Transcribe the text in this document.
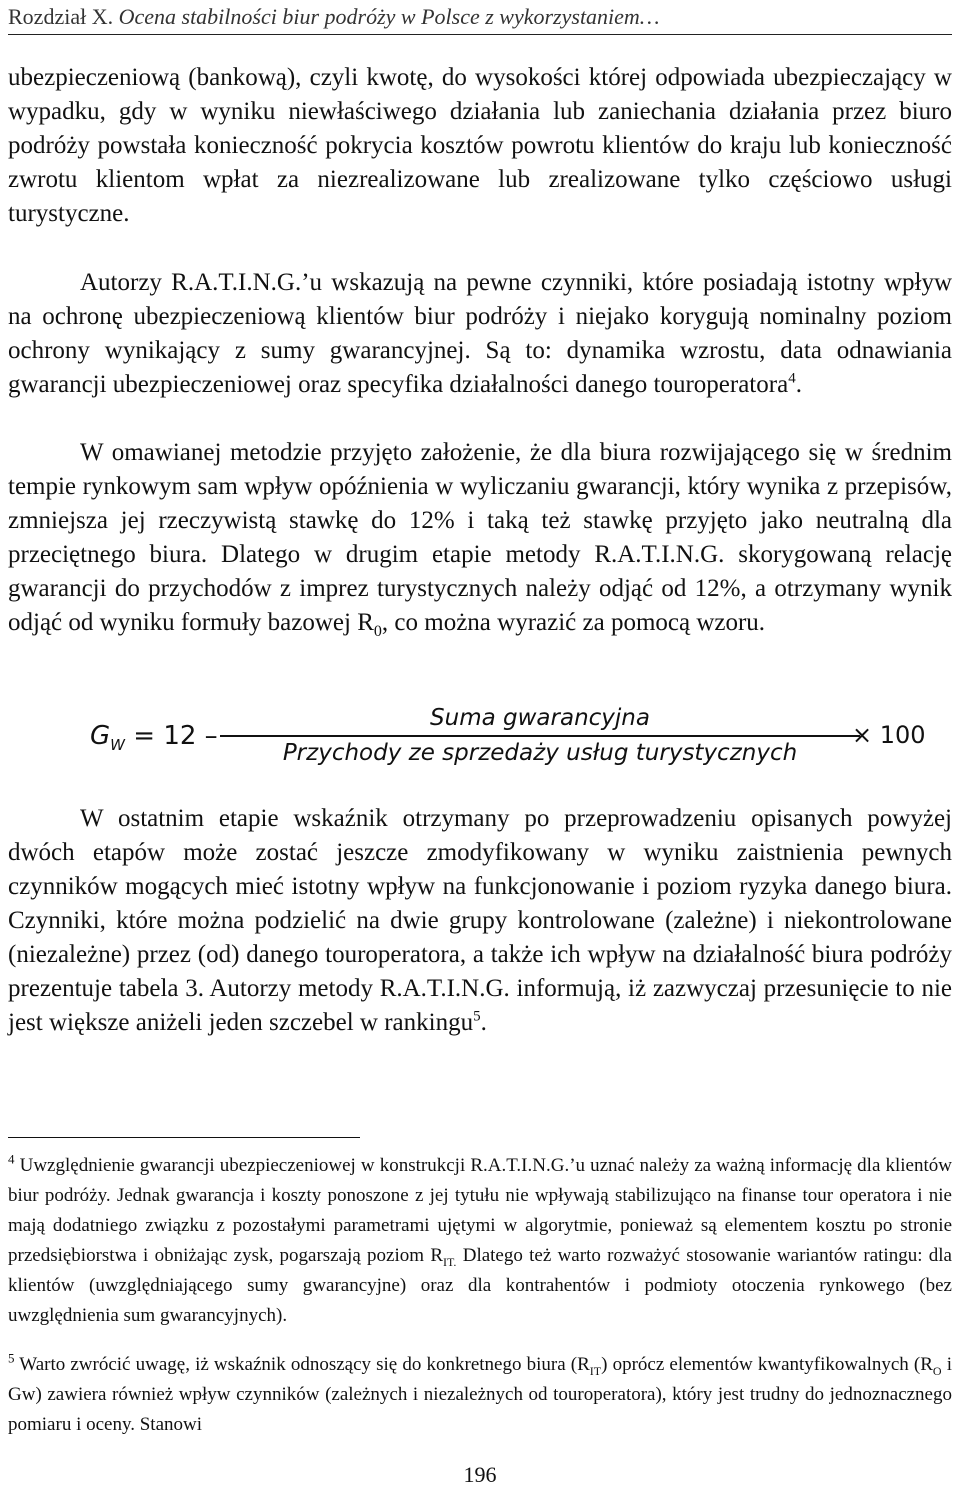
Rozdział X. Ocena stabilności biur podróży w Polsce z wykorzystaniem…

ubezpieczeniową (bankową), czyli kwotę, do wysokości której odpowiada ubezpieczający w wypadku, gdy w wyniku niewłaściwego działania lub zaniechania działania przez biuro podróży powstała konieczność pokrycia kosztów powrotu klientów do kraju lub konieczność zwrotu klientom wpłat za niezrealizowane lub zrealizowane tylko częściowo usługi turystyczne.

Autorzy R.A.T.I.N.G.’u wskazują na pewne czynniki, które posiadają istotny wpływ na ochronę ubezpieczeniową klientów biur podróży i niejako korygują nominalny poziom ochrony wynikający z sumy gwarancyjnej. Są to: dynamika wzrostu, data odnawiania gwarancji ubezpieczeniowej oraz specyfika działalności danego touroperatora$^4$.

W omawianej metodzie przyjęto założenie, że dla biura rozwijającego się w średnim tempie rynkowym sam wpływ opóźnienia w wyliczaniu gwarancji, który wynika z przepisów, zmniejsza jej rzeczywistą stawkę do 12% i taką też stawkę przyjęto jako neutralną dla przeciętnego biura. Dlatego w drugim etapie metody R.A.T.I.N.G. skorygowaną relację gwarancji do przychodów z imprez turystycznych należy odjąć od 12%, a otrzymany wynik odjąć od wyniku formuły bazowej $R_0$, co można wyrazić za pomocą wzoru.

$G_W = 12$ –
Suma gwarancyjna
Przychody ze sprzedaży usług turystycznych
× 100

W ostatnim etapie wskaźnik otrzymany po przeprowadzeniu opisanych powyżej dwóch etapów może zostać jeszcze zmodyfikowany w wyniku zaistnienia pewnych czynników mogących mieć istotny wpływ na funkcjonowanie i poziom ryzyka danego biura. Czynniki, które można podzielić na dwie grupy kontrolowane (zależne) i niekontrolowane (niezależne) przez (od) danego touroperatora, a także ich wpływ na działalność biura podróży prezentuje tabela 3. Autorzy metody R.A.T.I.N.G. informują, iż zazwyczaj przesunięcie to nie jest większe aniżeli jeden szczebel w rankingu$^5$.

$^4$ Uwzględnienie gwarancji ubezpieczeniowej w konstrukcji R.A.T.I.N.G.’u uznać należy za ważną informację dla klientów biur podróży. Jednak gwarancja i koszty ponoszone z jej tytułu nie wpływają stabilizująco na finanse tour operatora i nie mają dodatniego związku z pozostałymi parametrami ujętymi w algorytmie, ponieważ są elementem kosztu po stronie przedsiębiorstwa i obniżając zysk, pogarszają poziom $R_{IT.}$ Dlatego też warto rozważyć stosowanie wariantów ratingu: dla klientów (uwzględniającego sumy gwarancyjne) oraz dla kontrahentów i podmioty otoczenia rynkowego (bez uwzględnienia sum gwarancyjnych).

$^5$ Warto zwrócić uwagę, iż wskaźnik odnoszący się do konkretnego biura $(R_{IT})$ oprócz elementów kwantyfikowalnych ($R_O$ i Gw) zawiera również wpływ czynników (zależnych i niezależnych od touroperatora), który jest trudny do jednoznacznego pomiaru i oceny. Stanowi

196
